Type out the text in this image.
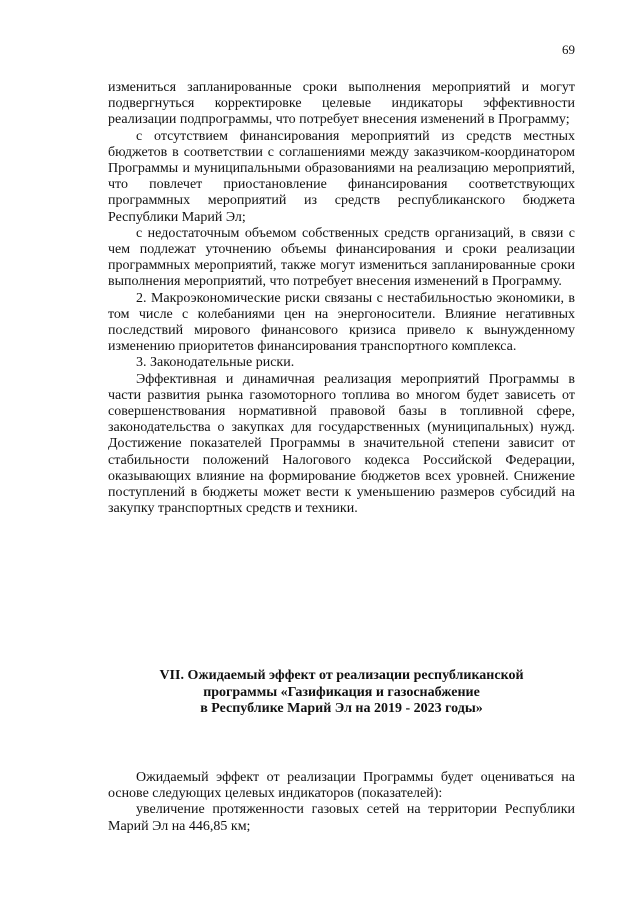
69

измениться запланированные сроки выполнения мероприятий и могут подвергнуться корректировке целевые индикаторы эффективности реализации подпрограммы, что потребует внесения изменений в Программу;

с отсутствием финансирования мероприятий из средств местных бюджетов в соответствии с соглашениями между заказчиком-координатором Программы и муниципальными образованиями на реализацию мероприятий, что повлечет приостановление финансирования соответствующих программных мероприятий из средств республиканского бюджета Республики Марий Эл;

с недостаточным объемом собственных средств организаций, в связи с чем подлежат уточнению объемы финансирования и сроки реализации программных мероприятий, также могут измениться запланированные сроки выполнения мероприятий, что потребует внесения изменений в Программу.

2. Макроэкономические риски связаны с нестабильностью экономики, в том числе с колебаниями цен на энергоносители. Влияние негативных последствий мирового финансового кризиса привело к вынужденному изменению приоритетов финансирования транспортного комплекса.

3. Законодательные риски.

Эффективная и динамичная реализация мероприятий Программы в части развития рынка газомоторного топлива во многом будет зависеть от совершенствования нормативной правовой базы в топливной сфере, законодательства о закупках для государственных (муниципальных) нужд. Достижение показателей Программы в значительной степени зависит от стабильности положений Налогового кодекса Российской Федерации, оказывающих влияние на формирование бюджетов всех уровней. Снижение поступлений в бюджеты может вести к уменьшению размеров субсидий на закупку транспортных средств и техники.

VII. Ожидаемый эффект от реализации республиканской
программы «Газификация и газоснабжение
в Республике Марий Эл на 2019 - 2023 годы»

Ожидаемый эффект от реализации Программы будет оцениваться на основе следующих целевых индикаторов (показателей):

увеличение протяженности газовых сетей на территории Республики Марий Эл на 446,85 км;
